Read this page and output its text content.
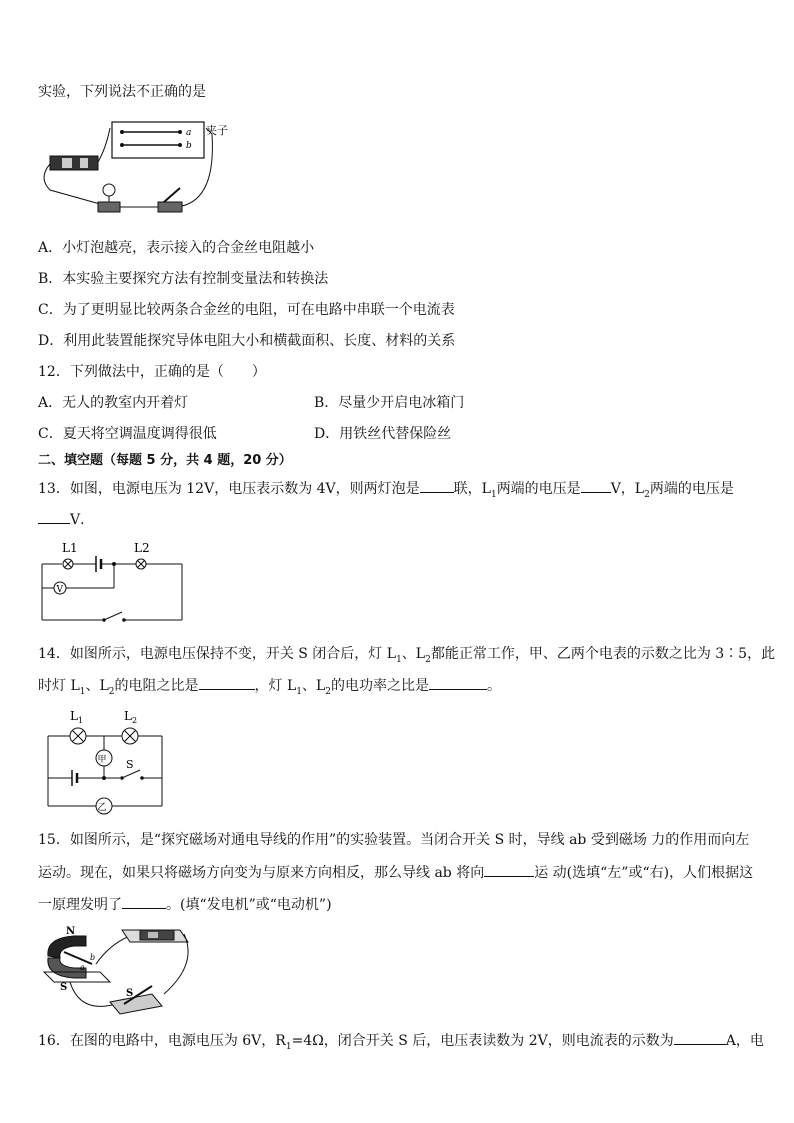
实验，下列说法不正确的是
a
b
夹子
A．小灯泡越亮，表示接入的合金丝电阻越小
B．本实验主要探究方法有控制变量法和转换法
C．为了更明显比较两条合金丝的电阻，可在电路中串联一个电流表
D．利用此装置能探究导体电阻大小和横截面积、长度、材料的关系
12．下列做法中，正确的是（　　）
A．无人的教室内开着灯	B．尽量少开启电冰箱门
C．夏天将空调温度调得很低	D．用铁丝代替保险丝
二、填空题（每题 5 分，共 4 题，20 分）
13．如图，电源电压为 12V，电压表示数为 4V，则两灯泡是 联，$L_1$两端的电压是 V，$L_2$两端的电压是
V．
L1	L2
V
14．如图所示，电源电压保持不变，开关 S 闭合后，灯 $L_1$、$L_2$都能正常工作，甲、乙两个电表的示数之比为 3∶5，此
时灯 $L_1$、$L_2$的电阻之比是	，灯 $L_1$、$L_2$的电功率之比是	。
$L_1$	$L_2$
甲 S
乙
15．如图所示，是“探究磁场对通电导线的作用”的实验装置。当闭合开关 S 时，导线 ab 受到磁场 力的作用而向左
运动。现在，如果只将磁场方向变为与原来方向相反，那么导线 ab 将向	运 动(选填“左”或“右)，人们根据这
一原理发明了	。(填“发电机”或“电动机”)
N
S
b
a
S
16．在图的电路中，电源电压为 6V，$R_1=4\Omega$，闭合开关 S 后，电压表读数为 2V，则电流表的示数为	A，电
